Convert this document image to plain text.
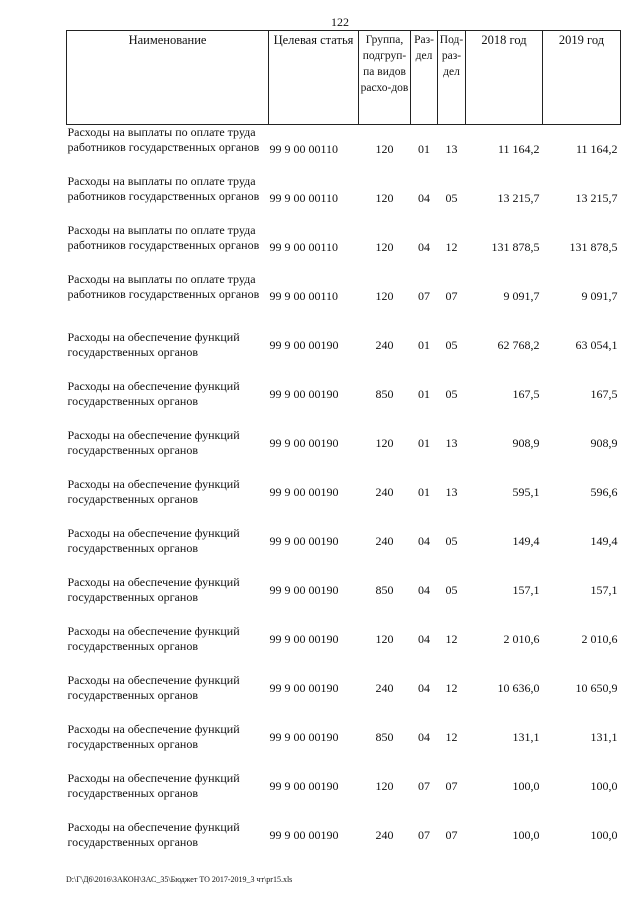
122
Наименование	Целевая статья	Группа, подгруп-па видов расхо-дов	Раз-дел	Под-раз-дел	2018 год	2019 год
Расходы на выплаты по оплате труда работников государственных органов	99 9 00 00110	120	01	13	11 164,2	11 164,2
Расходы на выплаты по оплате труда работников государственных органов	99 9 00 00110	120	04	05	13 215,7	13 215,7
Расходы на выплаты по оплате труда работников государственных органов	99 9 00 00110	120	04	12	131 878,5	131 878,5
Расходы на выплаты по оплате труда работников государственных органов	99 9 00 00110	120	07	07	9 091,7	9 091,7
Расходы на обеспечение функций государственных органов	99 9 00 00190	240	01	05	62 768,2	63 054,1
Расходы на обеспечение функций государственных органов	99 9 00 00190	850	01	05	167,5	167,5
Расходы на обеспечение функций государственных органов	99 9 00 00190	120	01	13	908,9	908,9
Расходы на обеспечение функций государственных органов	99 9 00 00190	240	01	13	595,1	596,6
Расходы на обеспечение функций государственных органов	99 9 00 00190	240	04	05	149,4	149,4
Расходы на обеспечение функций государственных органов	99 9 00 00190	850	04	05	157,1	157,1
Расходы на обеспечение функций государственных органов	99 9 00 00190	120	04	12	2 010,6	2 010,6
Расходы на обеспечение функций государственных органов	99 9 00 00190	240	04	12	10 636,0	10 650,9
Расходы на обеспечение функций государственных органов	99 9 00 00190	850	04	12	131,1	131,1
Расходы на обеспечение функций государственных органов	99 9 00 00190	120	07	07	100,0	100,0
Расходы на обеспечение функций государственных органов	99 9 00 00190	240	07	07	100,0	100,0
D:\Г\Д6\2016\ЗАКОН\ЗАС_35\Бюджет ТО 2017-2019_3 чт\pr15.xls
